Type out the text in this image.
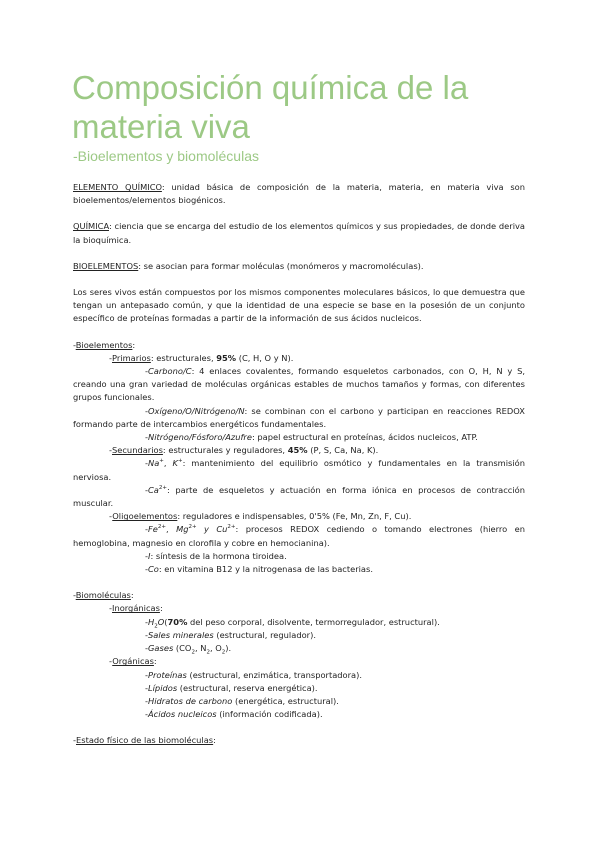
Composición química de la materia viva
-Bioelementos y biomoléculas

ELEMENTO QUÍMICO: unidad básica de composición de la materia, materia, en materia viva son bioelementos/elementos biogénicos.

QUÍMICA: ciencia que se encarga del estudio de los elementos químicos y sus propiedades, de donde deriva la bioquímica.

BIOELEMENTOS: se asocian para formar moléculas (monómeros y macromoléculas).

Los seres vivos están compuestos por los mismos componentes moleculares básicos, lo que demuestra que tengan un antepasado común, y que la identidad de una especie se base en la posesión de un conjunto específico de proteínas formadas a partir de la información de sus ácidos nucleicos.

-Bioelementos:

-Primarios: estructurales, 95% (C, H, O y N).

-Carbono/C: 4 enlaces covalentes, formando esqueletos carbonados, con O, H, N y S, creando una gran variedad de moléculas orgánicas estables de muchos tamaños y formas, con diferentes grupos funcionales.

-Oxígeno/O/Nitrógeno/N: se combinan con el carbono y participan en reacciones REDOX formando parte de intercambios energéticos fundamentales.

-Nitrógeno/Fósforo/Azufre: papel estructural en proteínas, ácidos nucleicos, ATP.

-Secundarios: estructurales y reguladores, 45% (P, S, Ca, Na, K).

-Na+, K+: mantenimiento del equilibrio osmótico y fundamentales en la transmisión nerviosa.

$-Ca^{2+}$: parte de esqueletos y actuación en forma iónica en procesos de contracción muscular.

-Oligoelementos: reguladores e indispensables, 0'5% (Fe, Mn, Zn, F, Cu).

$-Fe^{2+}$, $Mg^{2+}$ y $Cu^{2+}$: procesos REDOX cediendo o tomando electrones (hierro en hemoglobina, magnesio en clorofila y cobre en hemocianina).

-I: síntesis de la hormona tiroidea.

-Co: en vitamina B12 y la nitrogenasa de las bacterias.

-Biomoléculas:

-Inorgánicas:

$-H_2O(70\%$ del peso corporal, disolvente, termorregulador, estructural).

-Sales minerales (estructural, regulador).

-Gases ($CO_2$, $N_2$, $O_2$).

-Orgánicas:

-Proteínas (estructural, enzimática, transportadora).

-Lípidos (estructural, reserva energética).

-Hidratos de carbono (energética, estructural).

-Ácidos nucleicos (información codificada).

-Estado físico de las biomoléculas:
